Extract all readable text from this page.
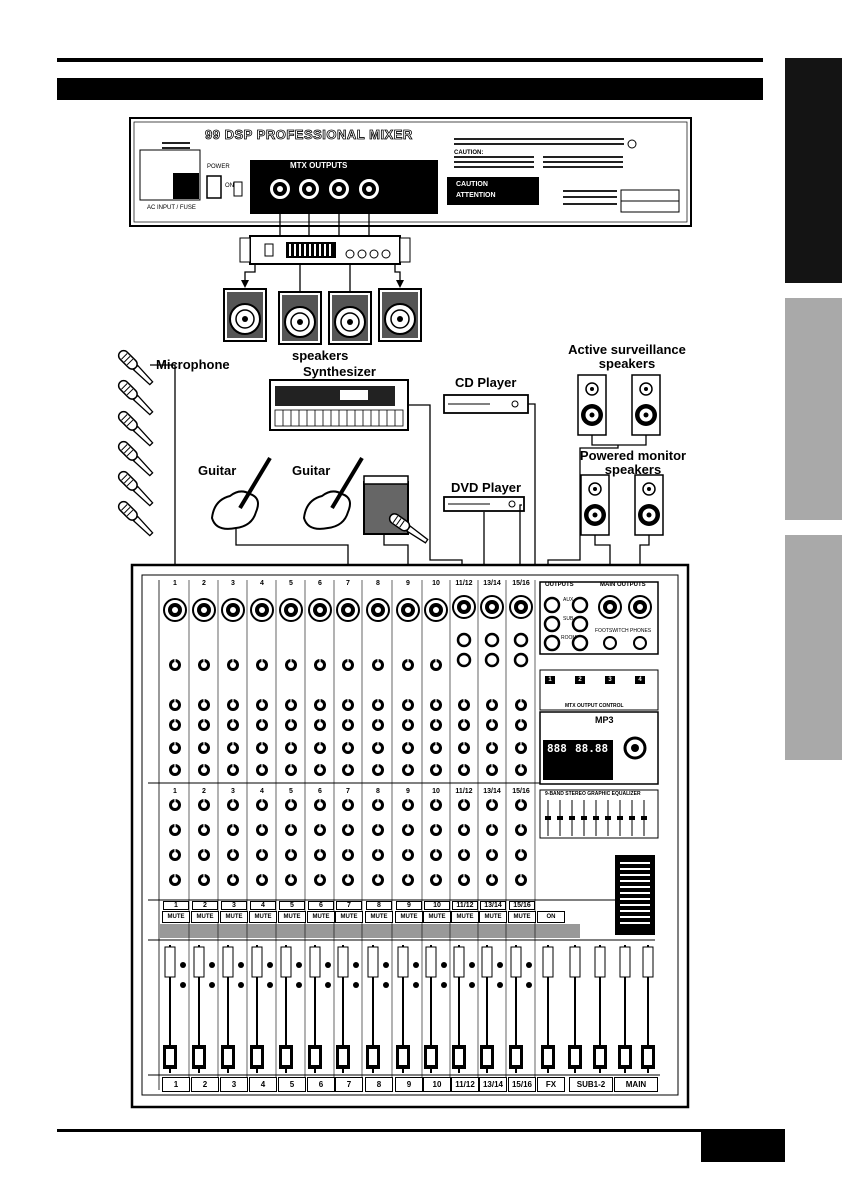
Microphone
speakers
Synthesizer
CD Player
Active surveillance
speakers
Powered monitor
speakers
Guitar	Guitar
DVD Player
99 DSP PROFESSIONAL MIXER
MTX OUTPUTS
POWER
ON
AC INPUT / FUSE
CAUTION
ATTENTION
CAUTION:
OUTPUTS	MAIN OUTPUTS
AUX
SUB
ROOM
FOOTSWITCH PHONES
MTX OUTPUT CONTROL
9-BAND STEREO GRAPHIC EQUALIZER
888 88.88
MP3
1
1
1
MUTE
2
2
2
MUTE
3
3
3
MUTE
4
4
4
MUTE
5
5
5
MUTE
6
6
6
MUTE
7
7
7
MUTE
8
8
8
MUTE
9
9
9
MUTE
10
10
10
MUTE
11/12
11/12
11/12
MUTE
13/14
13/14
13/14
MUTE
15/16
15/16
15/16
MUTE	ON
1	2	3	4	5	6	7	8	9	10	11/12	13/14	15/16	FX	SUB1-2	MAIN
1	2	3	4
